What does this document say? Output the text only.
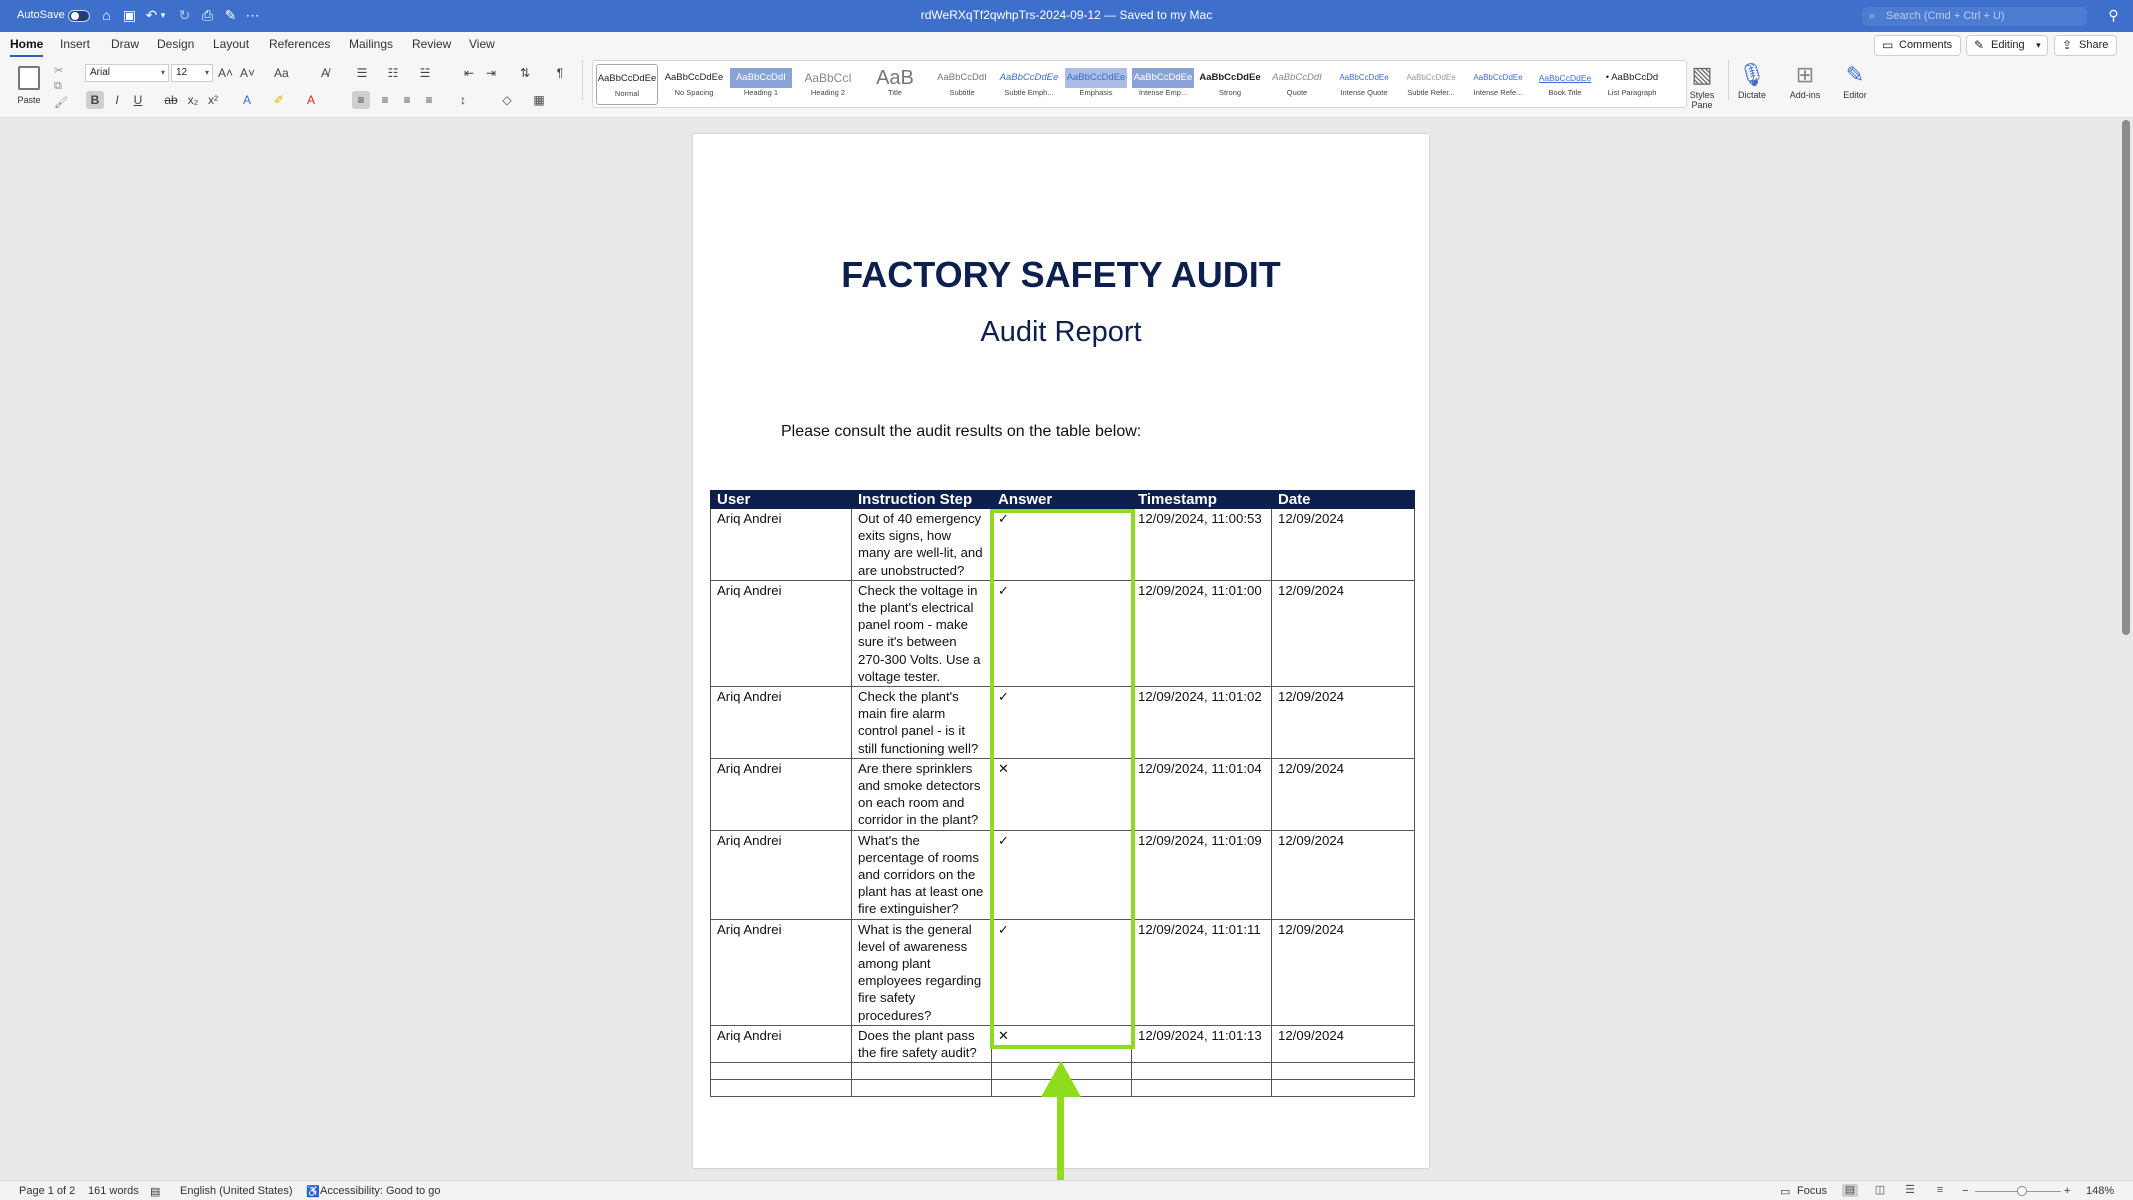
AutoSave	⌂ ▣ ↶ ▾ ↻ ⎙ ✎ ⋯	rdWeRXqTf2qwhpTrs-2024-09-12 — Saved to my Mac	⌕ Search (Cmd + Ctrl + U)	⚲
Home Insert Draw Design Layout References Mailings Review View	▭ Comments	✎ Editing ▾ ⇪ Share
Paste
✂
⧉
🖌
Arial	▾	12 ▾ A˄ A˅ Aa	A̸
B	I	U ab x₂ x² A ✐ A
☰ ☷ ☱	⇤ ⇥ ⇅	¶
≡	≡ ≡ ≡	↕	◇ ▦
AaBbCcDdEe
Normal
AaBbCcDdEe
No Spacing
AaBbCcDdI
Heading 1
AaBbCcI
Heading 2
AaB
Title
AaBbCcDdI
Subtitle
AaBbCcDdEe
Subtle Emph...
AaBbCcDdEe
Emphasis
AaBbCcDdEe
Intense Emp...
AaBbCcDdEe
Strong
AaBbCcDdI
Quote
AaBbCcDdEe
Intense Quote
AaBbCcDdEe
Subtle Refer...
AaBbCcDdEe
Intense Refe...
AaBbCcDdEe
Book Title
• AaBbCcDd
List Paragraph
▧
Styles Pane
🎙
Dictate
⊞
Add-ins
✎
Editor
FACTORY SAFETY AUDIT
Audit Report
Please consult the audit results on the table below:
User	Instruction Step	Answer	Timestamp	Date
Ariq Andrei	Out of 40 emergency exits signs, how many are well-lit, and are unobstructed?	✓	12/09/2024, 11:00:53	12/09/2024
Ariq Andrei	Check the voltage in the plant's electrical panel room - make sure it's between 270-300 Volts. Use a voltage tester.	✓	12/09/2024, 11:01:00	12/09/2024
Ariq Andrei	Check the plant's main fire alarm control panel - is it still functioning well?	✓	12/09/2024, 11:01:02	12/09/2024
Ariq Andrei	Are there sprinklers and smoke detectors on each room and corridor in the plant?	✕	12/09/2024, 11:01:04	12/09/2024
Ariq Andrei	What's the percentage of rooms and corridors on the plant has at least one fire extinguisher?	✓	12/09/2024, 11:01:09	12/09/2024
Ariq Andrei	What is the general level of awareness among plant employees regarding fire safety procedures?	✓	12/09/2024, 11:01:11	12/09/2024
Ariq Andrei	Does the plant pass the fire safety audit?	✕	12/09/2024, 11:01:13	12/09/2024

Page 1 of 2 161 words ▤ English (United States) ♿ Accessibility: Good to go	▭ Focus ▤ ◫ ☰	≡	−	+ 148%
